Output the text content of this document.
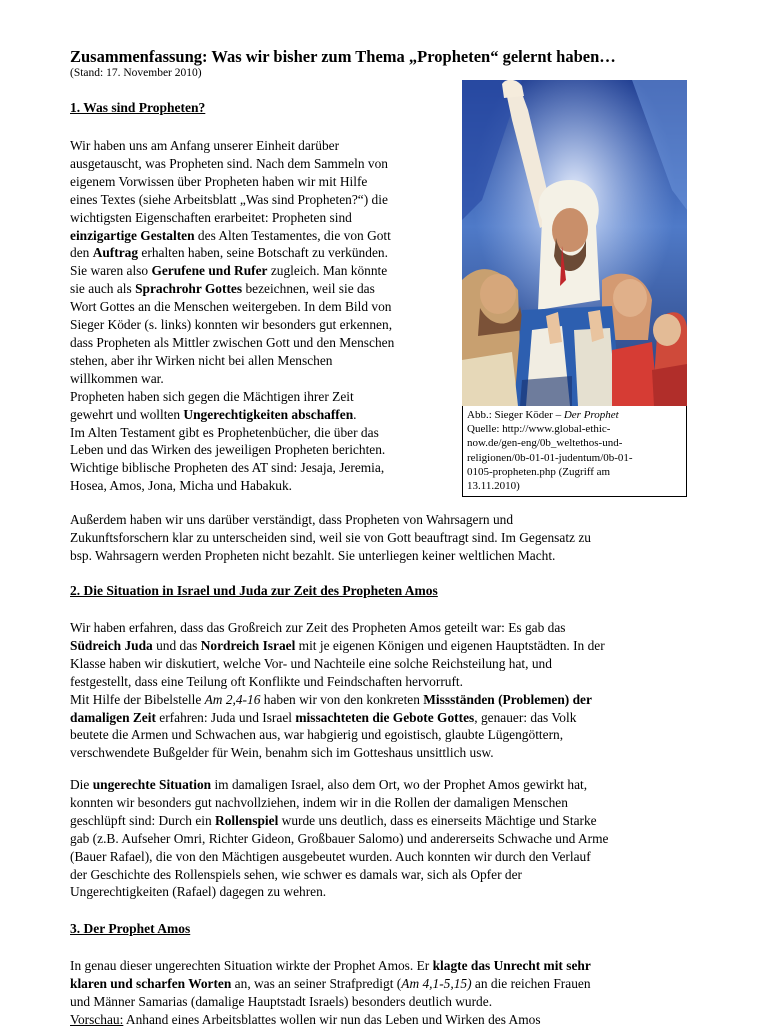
Zusammenfassung: Was wir bisher zum Thema „Propheten“ gelernt haben…
(Stand: 17. November 2010)
1. Was sind Propheten?

Wir haben uns am Anfang unserer Einheit darüber

ausgetauscht, was Propheten sind. Nach dem Sammeln von

eigenem Vorwissen über Propheten haben wir mit Hilfe

eines Textes (siehe Arbeitsblatt „Was sind Propheten?“) die

wichtigsten Eigenschaften erarbeitet: Propheten sind

einzigartige Gestalten des Alten Testamentes, die von Gott

den Auftrag erhalten haben, seine Botschaft zu verkünden.

Sie waren also Gerufene und Rufer zugleich. Man könnte

sie auch als Sprachrohr Gottes bezeichnen, weil sie das

Wort Gottes an die Menschen weitergeben. In dem Bild von

Sieger Köder (s. links) konnten wir besonders gut erkennen,

dass Propheten als Mittler zwischen Gott und den Menschen

stehen, aber ihr Wirken nicht bei allen Menschen

willkommen war.

Propheten haben sich gegen die Mächtigen ihrer Zeit

gewehrt und wollten Ungerechtigkeiten abschaffen.

Im Alten Testament gibt es Prophetenbücher, die über das

Leben und das Wirken des jeweiligen Propheten berichten.

Wichtige biblische Propheten des AT sind: Jesaja, Jeremia,

Hosea, Amos, Jona, Micha und Habakuk.

Abb.: Sieger Köder – Der Prophet
Quelle: http://www.global-ethic-
now.de/gen-eng/0b_weltethos-und-
religionen/0b-01-01-judentum/0b-01-
0105-propheten.php (Zugriff am
13.11.2010)

Außerdem haben wir uns darüber verständigt, dass Propheten von Wahrsagern und

Zukunftsforschern klar zu unterscheiden sind, weil sie von Gott beauftragt sind. Im Gegensatz zu

bsp. Wahrsagern werden Propheten nicht bezahlt. Sie unterliegen keiner weltlichen Macht.

2. Die Situation in Israel und Juda zur Zeit des Propheten Amos

Wir haben erfahren, dass das Großreich zur Zeit des Propheten Amos geteilt war: Es gab das

Südreich Juda und das Nordreich Israel mit je eigenen Königen und eigenen Hauptstädten. In der

Klasse haben wir diskutiert, welche Vor- und Nachteile eine solche Reichsteilung hat, und

festgestellt, dass eine Teilung oft Konflikte und Feindschaften hervorruft.

Mit Hilfe der Bibelstelle Am 2,4-16 haben wir von den konkreten Missständen (Problemen) der

damaligen Zeit erfahren: Juda und Israel missachteten die Gebote Gottes, genauer: das Volk

beutete die Armen und Schwachen aus, war habgierig und egoistisch, glaubte Lügengöttern,

verschwendete Bußgelder für Wein, benahm sich im Gotteshaus unsittlich usw.

Die ungerechte Situation im damaligen Israel, also dem Ort, wo der Prophet Amos gewirkt hat,

konnten wir besonders gut nachvollziehen, indem wir in die Rollen der damaligen Menschen

geschlüpft sind: Durch ein Rollenspiel wurde uns deutlich, dass es einerseits Mächtige und Starke

gab (z.B. Aufseher Omri, Richter Gideon, Großbauer Salomo) und andererseits Schwache und Arme

(Bauer Rafael), die von den Mächtigen ausgebeutet wurden. Auch konnten wir durch den Verlauf

der Geschichte des Rollenspiels sehen, wie schwer es damals war, sich als Opfer der

Ungerechtigkeiten (Rafael) dagegen zu wehren.

3. Der Prophet Amos

In genau dieser ungerechten Situation wirkte der Prophet Amos. Er klagte das Unrecht mit sehr

klaren und scharfen Worten an, was an seiner Strafpredigt (Am 4,1-5,15) an die reichen Frauen

und Männer Samarias (damalige Hauptstadt Israels) besonders deutlich wurde.

Vorschau: Anhand eines Arbeitsblattes wollen wir nun das Leben und Wirken des Amos
